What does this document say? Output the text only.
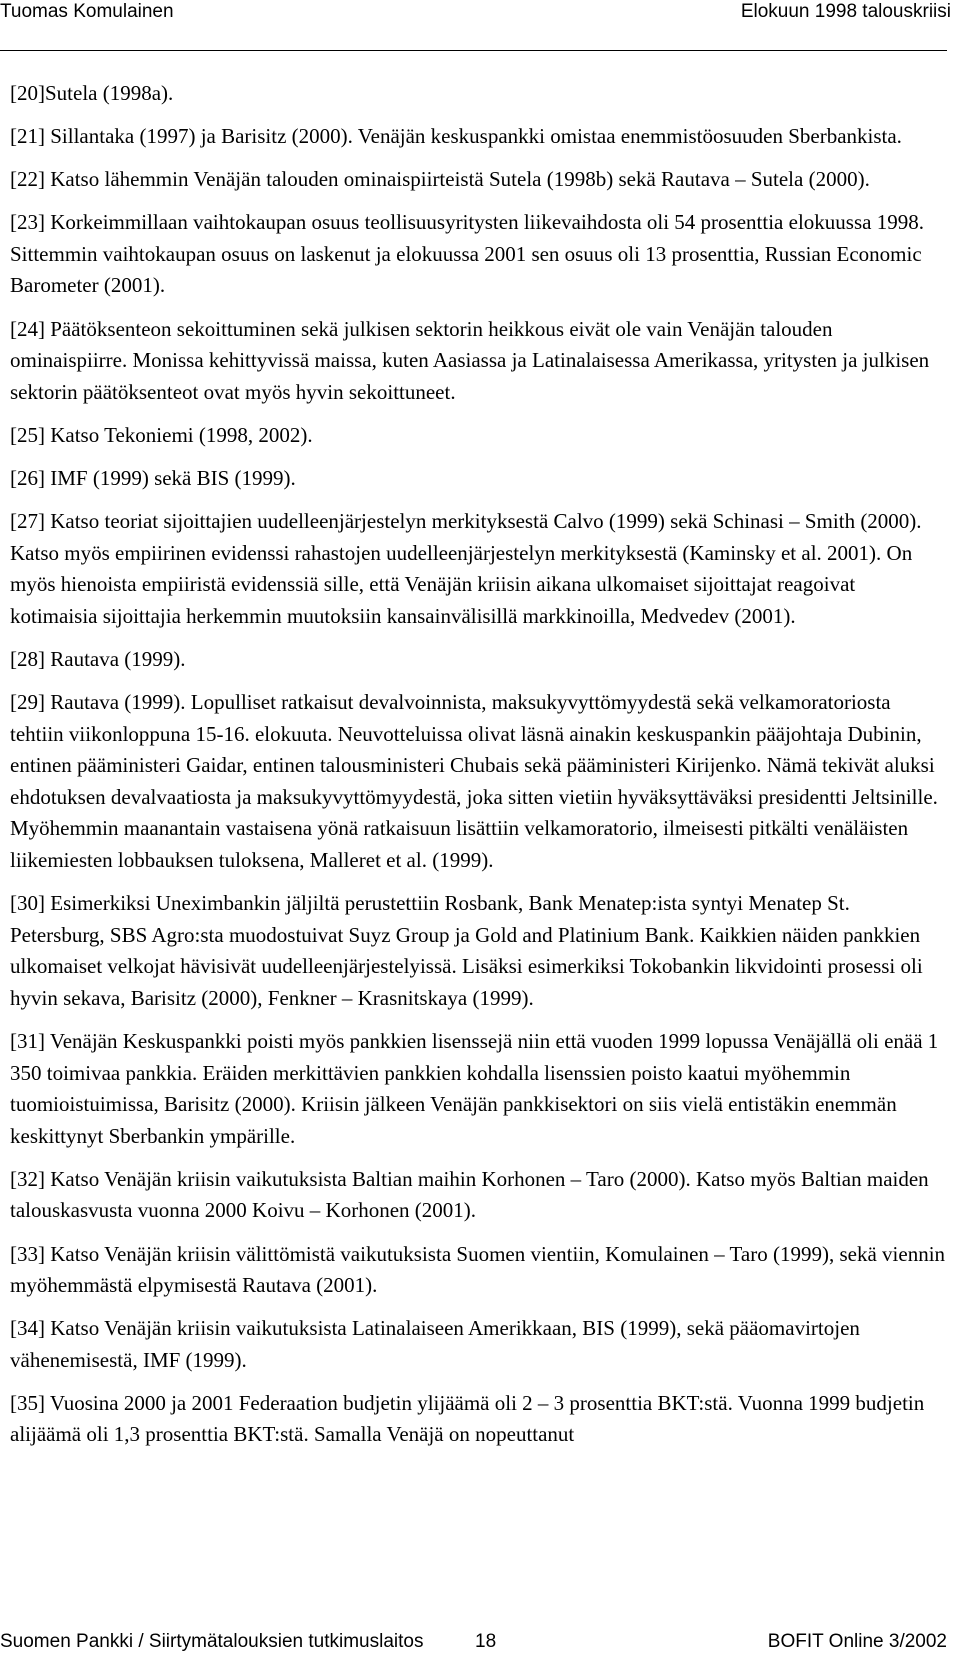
Tuomas Komulainen	Elokuun 1998 talouskriisi

[20]Sutela (1998a).

[21] Sillantaka (1997) ja Barisitz (2000). Venäjän keskuspankki omistaa enemmistöosuuden Sberbankista.

[22] Katso lähemmin Venäjän talouden ominaispiirteistä Sutela (1998b) sekä Rautava – Sutela (2000).

[23] Korkeimmillaan vaihtokaupan osuus teollisuusyritysten liikevaihdosta oli 54 prosenttia elokuussa 1998. Sittemmin vaihtokaupan osuus on laskenut ja elokuussa 2001 sen osuus oli 13 prosenttia, Russian Economic Barometer (2001).

[24] Päätöksenteon sekoittuminen sekä julkisen sektorin heikkous eivät ole vain Venäjän talouden ominaispiirre. Monissa kehittyvissä maissa, kuten Aasiassa ja Latinalaisessa Amerikassa, yritysten ja julkisen sektorin päätöksenteot ovat myös hyvin sekoittuneet.

[25] Katso Tekoniemi (1998, 2002).

[26] IMF (1999) sekä BIS (1999).

[27] Katso teoriat sijoittajien uudelleenjärjestelyn merkityksestä Calvo (1999) sekä Schinasi – Smith (2000). Katso myös empiirinen evidenssi rahastojen uudelleenjärjestelyn merkityksestä (Kaminsky et al. 2001). On myös hienoista empiiristä evidenssiä sille, että Venäjän kriisin aikana ulkomaiset sijoittajat reagoivat kotimaisia sijoittajia herkemmin muutoksiin kansainvälisillä markkinoilla, Medvedev (2001).

[28] Rautava (1999).

[29] Rautava (1999). Lopulliset ratkaisut devalvoinnista, maksukyvyttömyydestä sekä velkamoratoriosta tehtiin viikonloppuna 15-16. elokuuta. Neuvotteluissa olivat läsnä ainakin keskuspankin pääjohtaja Dubinin, entinen pääministeri Gaidar, entinen talousministeri Chubais sekä pääministeri Kirijenko. Nämä tekivät aluksi ehdotuksen devalvaatiosta ja maksukyvyttömyydestä, joka sitten vietiin hyväksyttäväksi presidentti Jeltsinille. Myöhemmin maanantain vastaisena yönä ratkaisuun lisättiin velkamoratorio, ilmeisesti pitkälti venäläisten liikemiesten lobbauksen tuloksena, Malleret et al. (1999).

[30] Esimerkiksi Uneximbankin jäljiltä perustettiin Rosbank, Bank Menatep:ista syntyi Menatep St. Petersburg, SBS Agro:sta muodostuivat Suyz Group ja Gold and Platinium Bank. Kaikkien näiden pankkien ulkomaiset velkojat hävisivät uudelleenjärjestelyissä. Lisäksi esimerkiksi Tokobankin likvidointi prosessi oli hyvin sekava, Barisitz (2000), Fenkner – Krasnitskaya (1999).

[31] Venäjän Keskuspankki poisti myös pankkien lisenssejä niin että vuoden 1999 lopussa Venäjällä oli enää 1 350 toimivaa pankkia. Eräiden merkittävien pankkien kohdalla lisenssien poisto kaatui myöhemmin tuomioistuimissa, Barisitz (2000). Kriisin jälkeen Venäjän pankkisektori on siis vielä entistäkin enemmän keskittynyt Sberbankin ympärille.

[32] Katso Venäjän kriisin vaikutuksista Baltian maihin Korhonen – Taro (2000). Katso myös Baltian maiden talouskasvusta vuonna 2000 Koivu – Korhonen (2001).

[33] Katso Venäjän kriisin välittömistä vaikutuksista Suomen vientiin, Komulainen – Taro (1999), sekä viennin myöhemmästä elpymisestä Rautava (2001).

[34] Katso Venäjän kriisin vaikutuksista Latinalaiseen Amerikkaan, BIS (1999), sekä pääomavirtojen vähenemisestä, IMF (1999).

[35] Vuosina 2000 ja 2001 Federaation budjetin ylijäämä oli 2 – 3 prosenttia BKT:stä. Vuonna 1999 budjetin alijäämä oli 1,3 prosenttia BKT:stä. Samalla Venäjä on nopeuttanut

Suomen Pankki / Siirtymätalouksien tutkimuslaitos	18	BOFIT Online 3/2002
